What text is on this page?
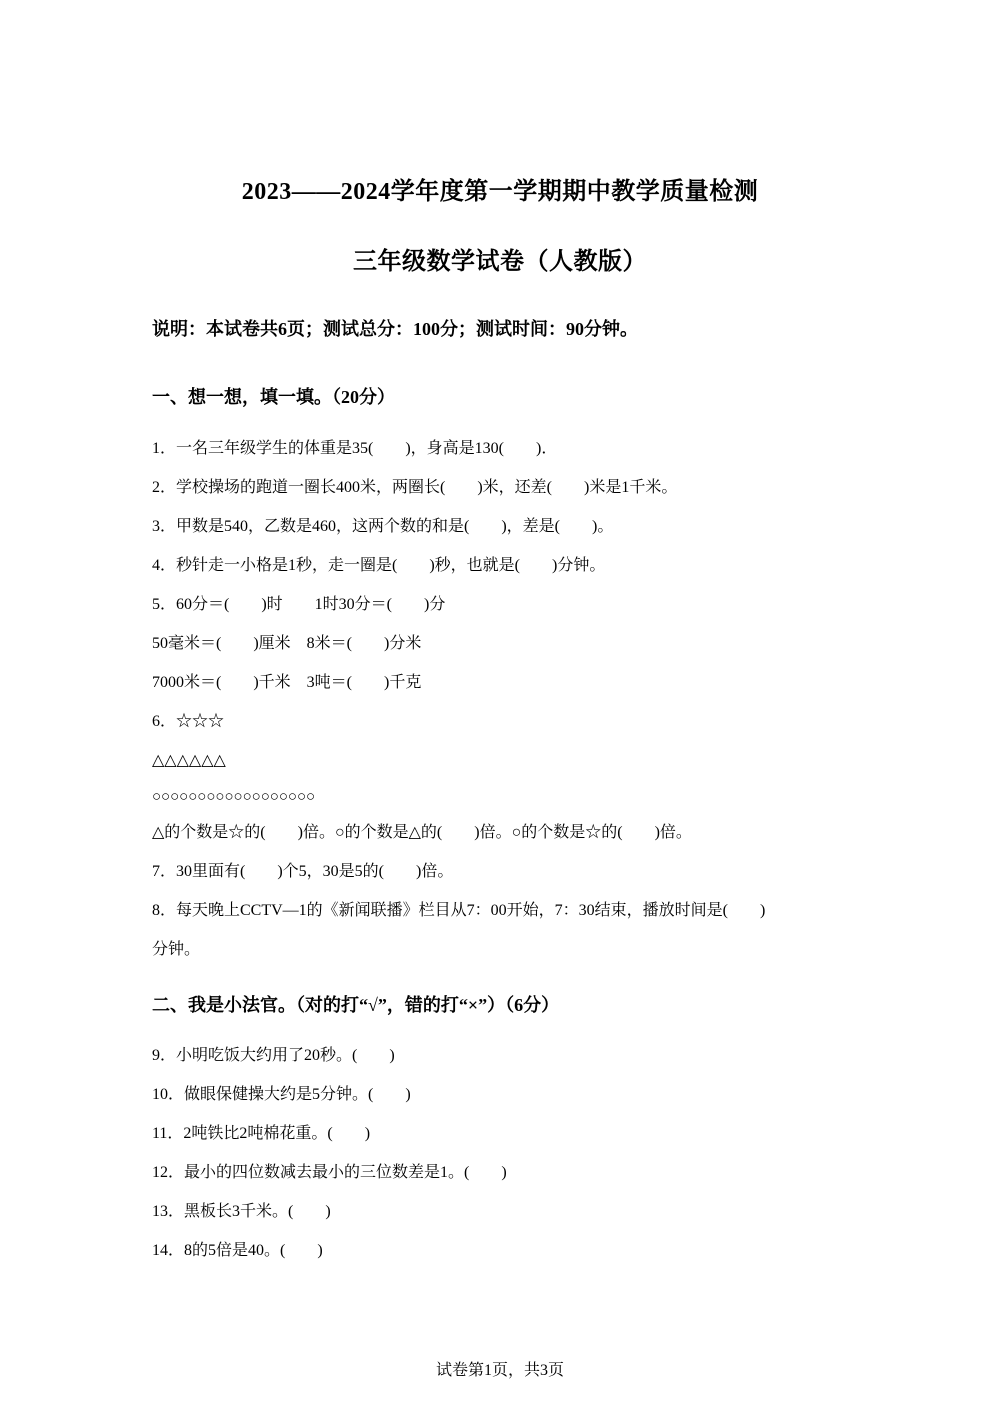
2023——2024学年度第一学期期中教学质量检测
三年级数学试卷（人教版）
说明：本试卷共6页；测试总分：100分；测试时间：90分钟。
一、想一想，填一填。（20分）
1．一名三年级学生的体重是35(　　)，身高是130(　　)．
2．学校操场的跑道一圈长400米，两圈长(　　)米，还差(　　)米是1千米。
3．甲数是540，乙数是460，这两个数的和是(　　)，差是(　　)。
4．秒针走一小格是1秒，走一圈是(　　)秒，也就是(　　)分钟。
5．60分＝(　　)时　　1时30分＝(　　)分
50毫米＝(　　)厘米　8米＝(　　)分米
7000米＝(　　)千米　3吨＝(　　)千克
6．☆☆☆
△△△△△△
○○○○○○○○○○○○○○○○○○
△的个数是☆的(　　)倍。○的个数是△的(　　)倍。○的个数是☆的(　　)倍。
7．30里面有(　　)个5，30是5的(　　)倍。
8．每天晚上CCTV—1的《新闻联播》栏目从7：00开始，7：30结束，播放时间是(　　)
分钟。
二、我是小法官。（对的打“√”，错的打“×”）（6分）
9．小明吃饭大约用了20秒。(　　)
10．做眼保健操大约是5分钟。(　　)
11．2吨铁比2吨棉花重。(　　)
12．最小的四位数减去最小的三位数差是1。(　　)
13．黑板长3千米。(　　)
14．8的5倍是40。(　　)
试卷第1页，共3页
